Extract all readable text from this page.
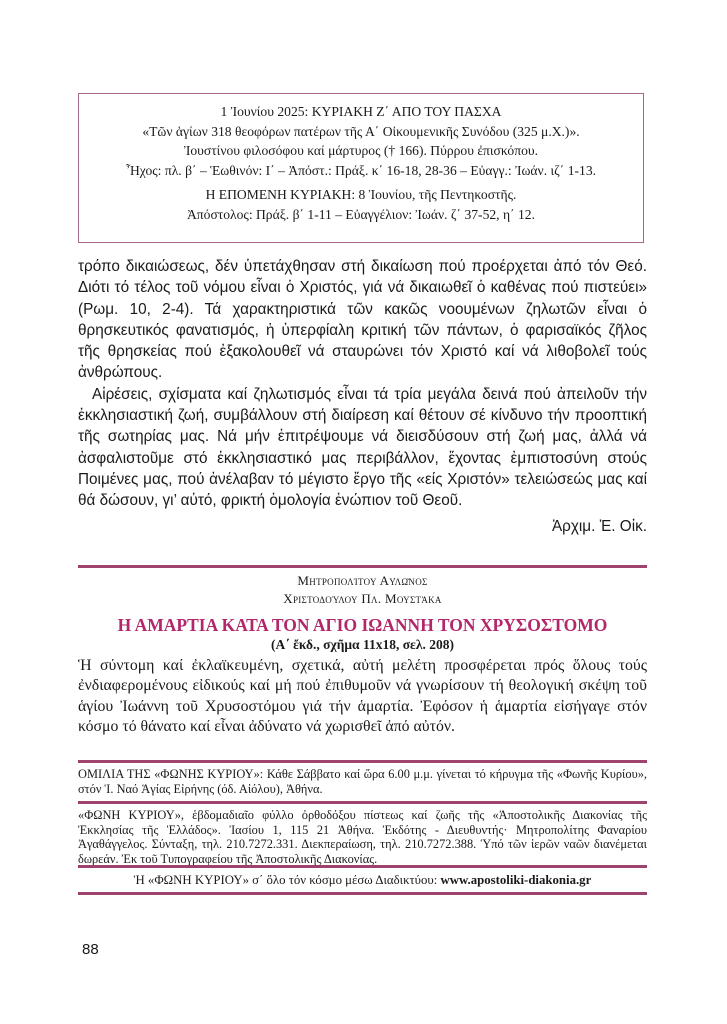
1 Ἰουνίου 2025: ΚΥΡΙΑΚΗ Ζ΄ ΑΠΟ ΤΟΥ ΠΑΣΧΑ
«Τῶν ἁγίων 318 θεοφόρων πατέρων τῆς Α΄ Οἰκουμενικῆς Συνόδου (325 μ.Χ.)».
Ἰουστίνου φιλοσόφου καί μάρτυρος († 166). Πύρρου ἐπισκόπου.
Ἦχος: πλ. β΄ – Ἑωθινόν: Ι΄ – Ἀπόστ.: Πράξ. κ΄ 16-18, 28-36 – Εὐαγγ.: Ἰωάν. ιζ΄ 1-13.
Η ΕΠΟΜΕΝΗ ΚΥΡΙΑΚΗ: 8 Ἰουνίου, τῆς Πεντηκοστῆς.
Ἀπόστολος: Πράξ. β΄ 1-11 – Εὐαγγέλιον: Ἰωάν. ζ΄ 37-52, η΄ 12.

τρόπο δικαιώσεως, δέν ὑπετάχθησαν στή δικαίωση πού προέρχεται ἀπό τόν Θεό. Διότι τό τέλος τοῦ νόμου εἶναι ὁ Χριστός, γιά νά δικαιωθεῖ ὁ καθένας πού πιστεύει» (Ρωμ. 10, 2-4). Τά χαρακτηριστικά τῶν κακῶς νοουμένων ζηλωτῶν εἶναι ὁ θρησκευτικός φανατισμός, ἡ ὑπερφίαλη κριτική τῶν πάντων, ὁ φαρισαϊκός ζῆλος τῆς θρησκείας πού ἐξακολουθεῖ νά σταυρώνει τόν Χριστό καί νά λιθοβολεῖ τούς ἀνθρώπους.

Αἱρέσεις, σχίσματα καί ζηλωτισμός εἶναι τά τρία μεγάλα δεινά πού ἀπειλοῦν τήν ἐκκλησιαστική ζωή, συμβάλλουν στή διαίρεση καί θέτουν σέ κίνδυνο τήν προοπτική τῆς σωτηρίας μας. Νά μήν ἐπιτρέψουμε νά διεισδύσουν στή ζωή μας, ἀλλά νά ἀσφαλιστοῦμε στό ἐκκλησιαστικό μας περιβάλλον, ἔχοντας ἐμπιστοσύνη στούς Ποιμένες μας, πού ἀνέλαβαν τό μέγιστο ἔργο τῆς «είς Χριστόν» τελειώσεώς μας καί θά δώσουν, γι’ αὐτό, φρικτή ὁμολογία ἐνώπιον τοῦ Θεοῦ.

Ἀρχιμ. Ἐ. Οἰκ.

Μητροπολίτου Αὐλῶνος
Χριστοδούλου Πλ. Μουστάκα
Η ΑΜΑΡΤΙΑ ΚΑΤΑ ΤΟΝ ΑΓΙΟ ΙΩΑΝΝΗ ΤΟΝ ΧΡΥΣΟΣΤΟΜΟ
(Α΄ ἔκδ., σχῆμα 11x18, σελ. 208)
Ἡ σύντομη καί ἐκλαϊκευμένη, σχετικά, αὐτή μελέτη προσφέρεται πρός ὅλους τούς ἐνδιαφερομένους εἰδικούς καί μή πού ἐπιθυμοῦν νά γνωρίσουν τή θεολογική σκέψη τοῦ ἁγίου Ἰωάννη τοῦ Χρυσοστόμου γιά τήν ἁμαρτία. Ἐφόσον ἡ ἁμαρτία εἰσήγαγε στόν κόσμο τό θάνατο καί εἶναι ἀδύνατο νά χωρισθεῖ ἀπό αὐτόν.
ΟΜΙΛΙΑ ΤΗΣ «ΦΩΝΗΣ ΚΥΡΙΟΥ»: Κάθε Σάββατο καί ὥρα 6.00 μ.μ. γίνεται τό κήρυγμα τῆς «Φωνῆς Κυρίου», στόν Ἱ. Ναό Ἁγίας Εἰρήνης (όδ. Αἰόλου), Ἀθήνα.
«ΦΩΝΗ ΚΥΡΙΟΥ», ἑβδομαδιαῖο φύλλο ὀρθοδόξου πίστεως καί ζωῆς τῆς «Ἀποστολικῆς Διακονίας τῆς Ἐκκλησίας τῆς Ἑλλάδος». Ἰασίου 1, 115 21 Ἀθήνα. Ἐκδότης - Διευθυντής· Μητροπολίτης Φαναρίου Ἀγαθάγγελος. Σύνταξη, τηλ. 210.7272.331. Διεκπεραίωση, τηλ. 210.7272.388. Ὑπό τῶν ἱερῶν ναῶν διανέμεται δωρεάν. Ἐκ τοῦ Τυπογραφείου τῆς Ἀποστολικῆς Διακονίας.
Ἡ «ΦΩΝΗ ΚΥΡΙΟΥ» σ΄ ὅλο τόν κόσμο μέσω Διαδικτύου: www.apostoliki-diakonia.gr
88
